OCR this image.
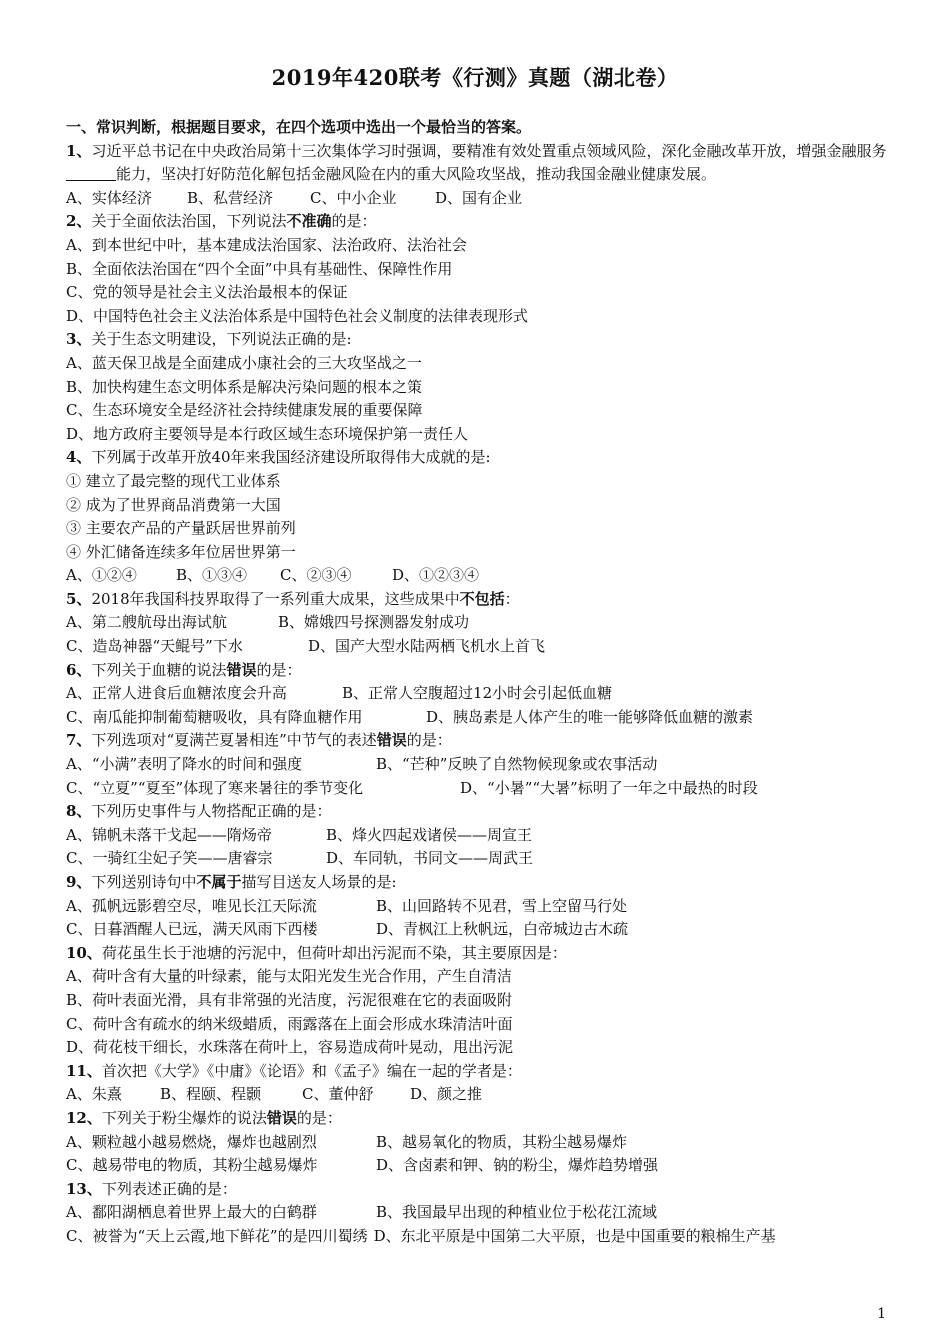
2019年420联考《行测》真题（湖北卷）
一、常识判断，根据题目要求，在四个选项中选出一个最恰当的答案。
1、习近平总书记在中央政治局第十三次集体学习时强调，要精准有效处置重点领域风险，深化金融改革开放，增强金融服务能力，坚决打好防范化解包括金融风险在内的重大风险攻坚战，推动我国金融业健康发展。
A、实体经济 B、私营经济 C、中小企业	D、国有企业
2、关于全面依法治国，下列说法不准确的是：
A、到本世纪中叶，基本建成法治国家、法治政府、法治社会
B、全面依法治国在“四个全面”中具有基础性、保障性作用
C、党的领导是社会主义法治最根本的保证
D、中国特色社会主义法治体系是中国特色社会义制度的法律表现形式
3、关于生态文明建设，下列说法正确的是:
A、蓝天保卫战是全面建成小康社会的三大攻坚战之一
B、加快构建生态文明体系是解决污染问题的根本之策
C、生态环境安全是经济社会持续健康发展的重要保障
D、地方政府主要领导是本行政区域生态环境保护第一责任人
4、下列属于改革开放40年来我国经济建设所取得伟大成就的是:
① 建立了最完整的现代工业体系
② 成为了世界商品消费第一大国
③ 主要农产品的产量跃居世界前列
④ 外汇储备连续多年位居世界第一
A、①②④	B、①③④ C、②③④	D、①②③④
5、2018年我国科技界取得了一系列重大成果，这些成果中不包括：
A、第二艘航母出海试航	B、嫦娥四号探测器发射成功
C、造岛神器“天鲲号”下水	D、国产大型水陆两栖飞机水上首飞
6、下列关于血糖的说法错误的是：
A、正常人进食后血糖浓度会升高	B、正常人空腹超过12小时会引起低血糖
C、南瓜能抑制葡萄糖吸收，具有降血糖作用	D、胰岛素是人体产生的唯一能够降低血糖的激素
7、下列选项对“夏满芒夏暑相连”中节气的表述错误的是：
A、“小满”表明了降水的时间和强度	B、“芒种”反映了自然物候现象或农事活动
C、“立夏”“夏至”体现了寒来暑往的季节变化	D、“小暑”“大暑”标明了一年之中最热的时段
8、下列历史事件与人物搭配正确的是：
A、锦帆未落干戈起——隋炀帝	B、烽火四起戏诸侯——周宣王
C、一骑红尘妃子笑——唐睿宗	D、车同轨，书同文——周武王
9、下列送别诗句中不属于描写目送友人场景的是:
A、孤帆远影碧空尽，唯见长江天际流	B、山回路转不见君，雪上空留马行处
C、日暮酒醒人已远，满天风雨下西楼	D、青枫江上秋帆远，白帝城边古木疏
10、荷花虽生长于池塘的污泥中，但荷叶却出污泥而不染，其主要原因是：
A、荷叶含有大量的叶绿素，能与太阳光发生光合作用，产生自清洁
B、荷叶表面光滑，具有非常强的光洁度，污泥很难在它的表面吸附
C、荷叶含有疏水的纳米级蜡质，雨露落在上面会形成水珠清洁叶面
D、荷花枝干细长，水珠落在荷叶上，容易造成荷叶晃动，甩出污泥
11、首次把《大学》《中庸》《论语》和《孟子》编在一起的学者是：
A、朱熹	B、程颐、程颢	C、董仲舒 D、颜之推
12、下列关于粉尘爆炸的说法错误的是：
A、颗粒越小越易燃烧，爆炸也越剧烈	B、越易氧化的物质，其粉尘越易爆炸
C、越易带电的物质，其粉尘越易爆炸	D、含卤素和钾、钠的粉尘，爆炸趋势增强
13、下列表述正确的是：
A、鄱阳湖栖息着世界上最大的白鹤群	B、我国最早出现的种植业位于松花江流域
C、被誉为“天上云霞,地下鲜花”的是四川蜀绣 D、东北平原是中国第二大平原，也是中国重要的粮棉生产基
1
